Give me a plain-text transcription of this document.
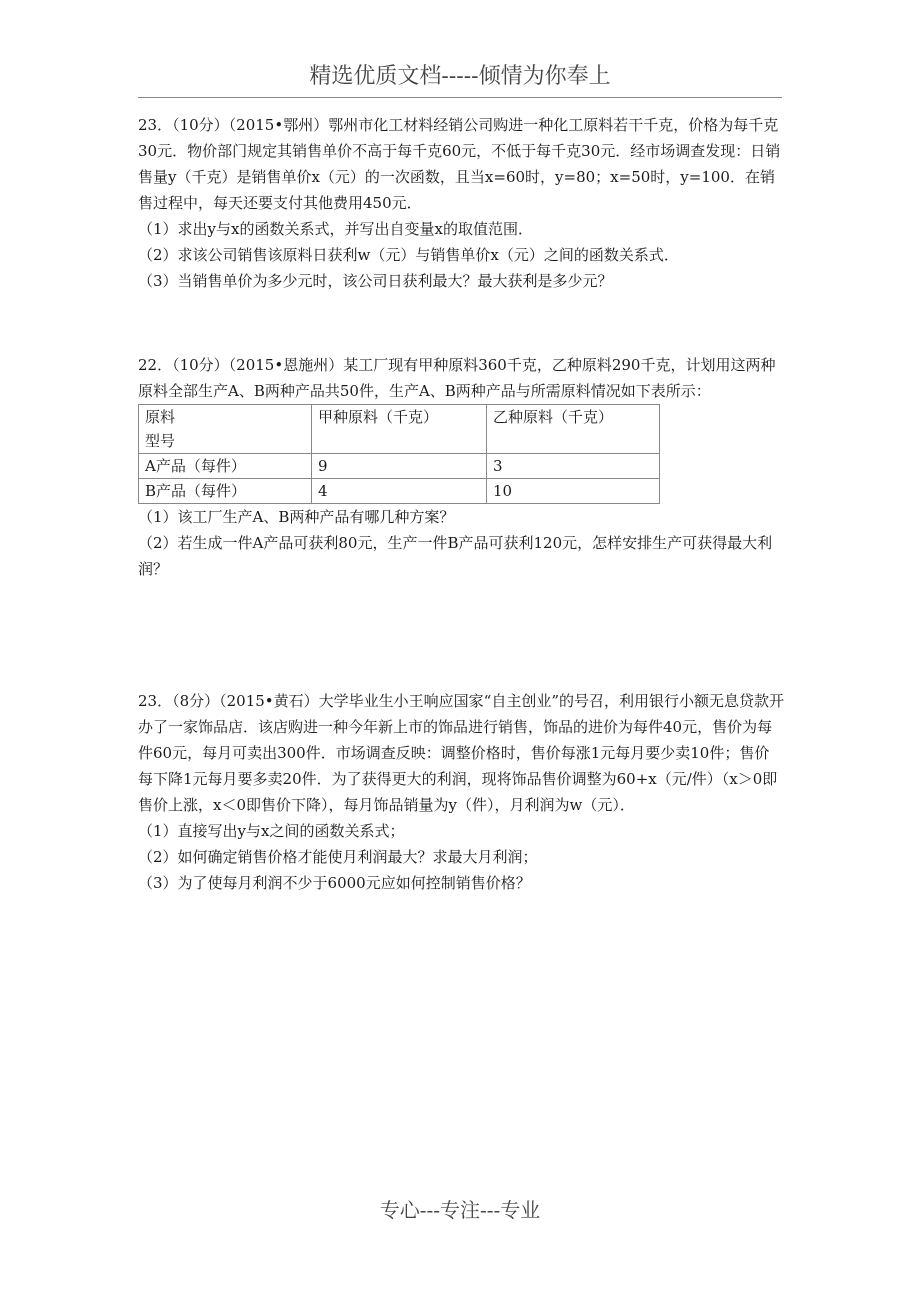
精选优质文档-----倾情为你奉上

23．（10分）（2015•鄂州）鄂州市化工材料经销公司购进一种化工原料若干千克，价格为每千克30元．物价部门规定其销售单价不高于每千克60元，不低于每千克30元．经市场调查发现：日销售量y（千克）是销售单价x（元）的一次函数，且当x=60时，y=80；x=50时，y=100．在销售过程中，每天还要支付其他费用450元．

（1）求出y与x的函数关系式，并写出自变量x的取值范围．

（2）求该公司销售该原料日获利w（元）与销售单价x（元）之间的函数关系式．

（3）当销售单价为多少元时，该公司日获利最大？最大获利是多少元？

22．（10分）（2015•恩施州）某工厂现有甲种原料360千克，乙种原料290千克，计划用这两种原料全部生产A、B两种产品共50件，生产A、B两种产品与所需原料情况如下表所示：

原料
型号	甲种原料（千克）	乙种原料（千克）
A产品（每件）	9	3
B产品（每件）	4	10

（1）该工厂生产A、B两种产品有哪几种方案？

（2）若生成一件A产品可获利80元，生产一件B产品可获利120元，怎样安排生产可获得最大利润？

23．（8分）（2015•黄石）大学毕业生小王响应国家“自主创业”的号召，利用银行小额无息贷款开办了一家饰品店．该店购进一种今年新上市的饰品进行销售，饰品的进价为每件40元，售价为每件60元，每月可卖出300件．市场调查反映：调整价格时，售价每涨1元每月要少卖10件；售价每下降1元每月要多卖20件．为了获得更大的利润，现将饰品售价调整为60+x（元/件）（x＞0即售价上涨，x＜0即售价下降），每月饰品销量为y（件），月利润为w（元）．

（1）直接写出y与x之间的函数关系式；

（2）如何确定销售价格才能使月利润最大？求最大月利润；

（3）为了使每月利润不少于6000元应如何控制销售价格？

专心---专注---专业
